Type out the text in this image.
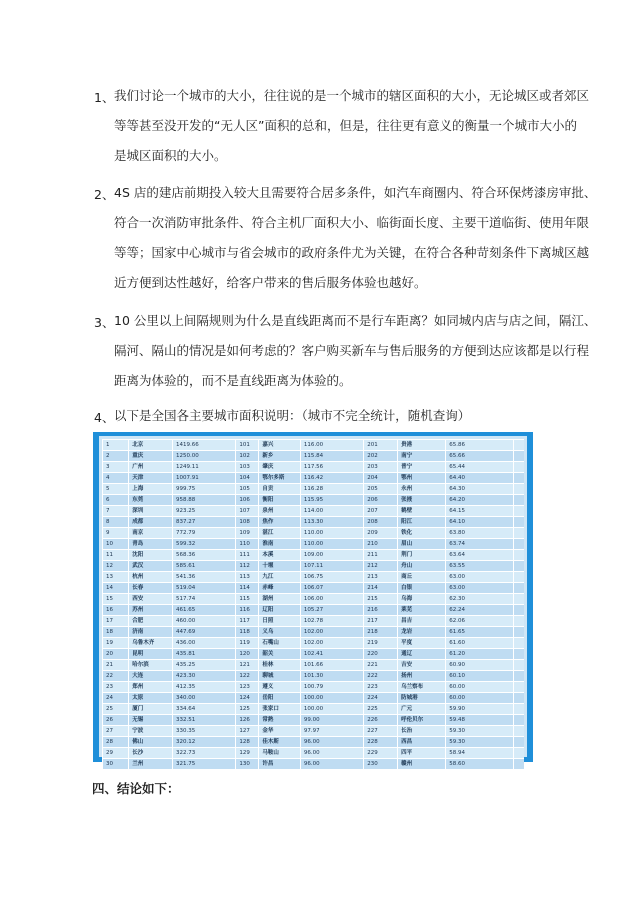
1、 我们讨论一个城市的大小，往往说的是一个城市的辖区面积的大小，无论城区或者郊区
等等甚至没开发的“无人区”面积的总和，但是，往往更有意义的衡量一个城市大小的
是城区面积的大小。
2、 4S 店的建店前期投入较大且需要符合居多条件，如汽车商圈内、符合环保烤漆房审批、
符合一次消防审批条件、符合主机厂面积大小、临街面长度、主要干道临街、使用年限
等等；国家中心城市与省会城市的政府条件尤为关键，在符合各种苛刻条件下离城区越
近方便到达性越好，给客户带来的售后服务体验也越好。
3、 10 公里以上间隔规则为什么是直线距离而不是行车距离？如同城内店与店之间，隔江、
隔河、隔山的情况是如何考虑的？客户购买新车与售后服务的方便到达应该都是以行程
距离为体验的，而不是直线距离为体验的。
4、 以下是全国各主要城市面积说明：（城市不完全统计，随机查询）
1	北京	1419.66	101	嘉兴	116.00	201	贵港	65.86
2	重庆	1250.00	102	新乡	115.84	202	南宁	65.66
3	广州	1249.11	103	肇庆	117.56	203	普宁	65.44
4	天津	1007.91	104	鄂尔多斯	116.42	204	鄂州	64.40
5	上海	999.75	105	自贡	116.28	205	永州	64.30
6	东莞	958.88	106	衡阳	115.95	206	张掖	64.20
7	深圳	923.25	107	泉州	114.00	207	鹤壁	64.15
8	成都	837.27	108	焦作	113.30	208	阳江	64.10
9	南京	772.79	109	湛江	110.00	209	铁化	63.80
10	青岛	599.32	110	淮南	110.00	210	眉山	63.74
11	沈阳	568.36	111	本溪	109.00	211	荆门	63.64
12	武汉	585.61	112	十堰	107.11	212	舟山	63.55
13	杭州	541.36	113	九江	106.75	213	商丘	63.00
14	长春	519.04	114	赤峰	106.07	214	白银	63.00
15	西安	517.74	115	湖州	106.00	215	乌海	62.30
16	苏州	461.65	116	辽阳	105.27	216	莱芜	62.24
17	合肥	460.00	117	日照	102.78	217	昌吉	62.06
18	济南	447.69	118	义乌	102.00	218	龙岩	61.65
19	乌鲁木齐	436.00	119	石嘴山	102.00	219	平度	61.60
20	昆明	435.81	120	韶关	102.41	220	通辽	61.20
21	哈尔滨	435.25	121	桂林	101.66	221	吉安	60.90
22	大连	423.30	122	聊城	101.30	222	扬州	60.10
23	郑州	412.35	123	遵义	100.79	223	乌兰察布	60.00
24	太原	340.00	124	岳阳	100.00	224	防城港	60.00
25	厦门	334.64	125	张家口	100.00	225	广元	59.90
26	无锡	332.51	126	常熟	99.00	226	呼伦贝尔	59.48
27	宁波	330.35	127	金华	97.97	227	长治	59.30
28	佛山	320.12	128	佳木斯	96.00	228	西昌	59.30
29	长沙	322.73	129	马鞍山	96.00	229	四平	58.94
30	兰州	321.75	130	许昌	96.00	230	赣州	58.60
四、结论如下：
